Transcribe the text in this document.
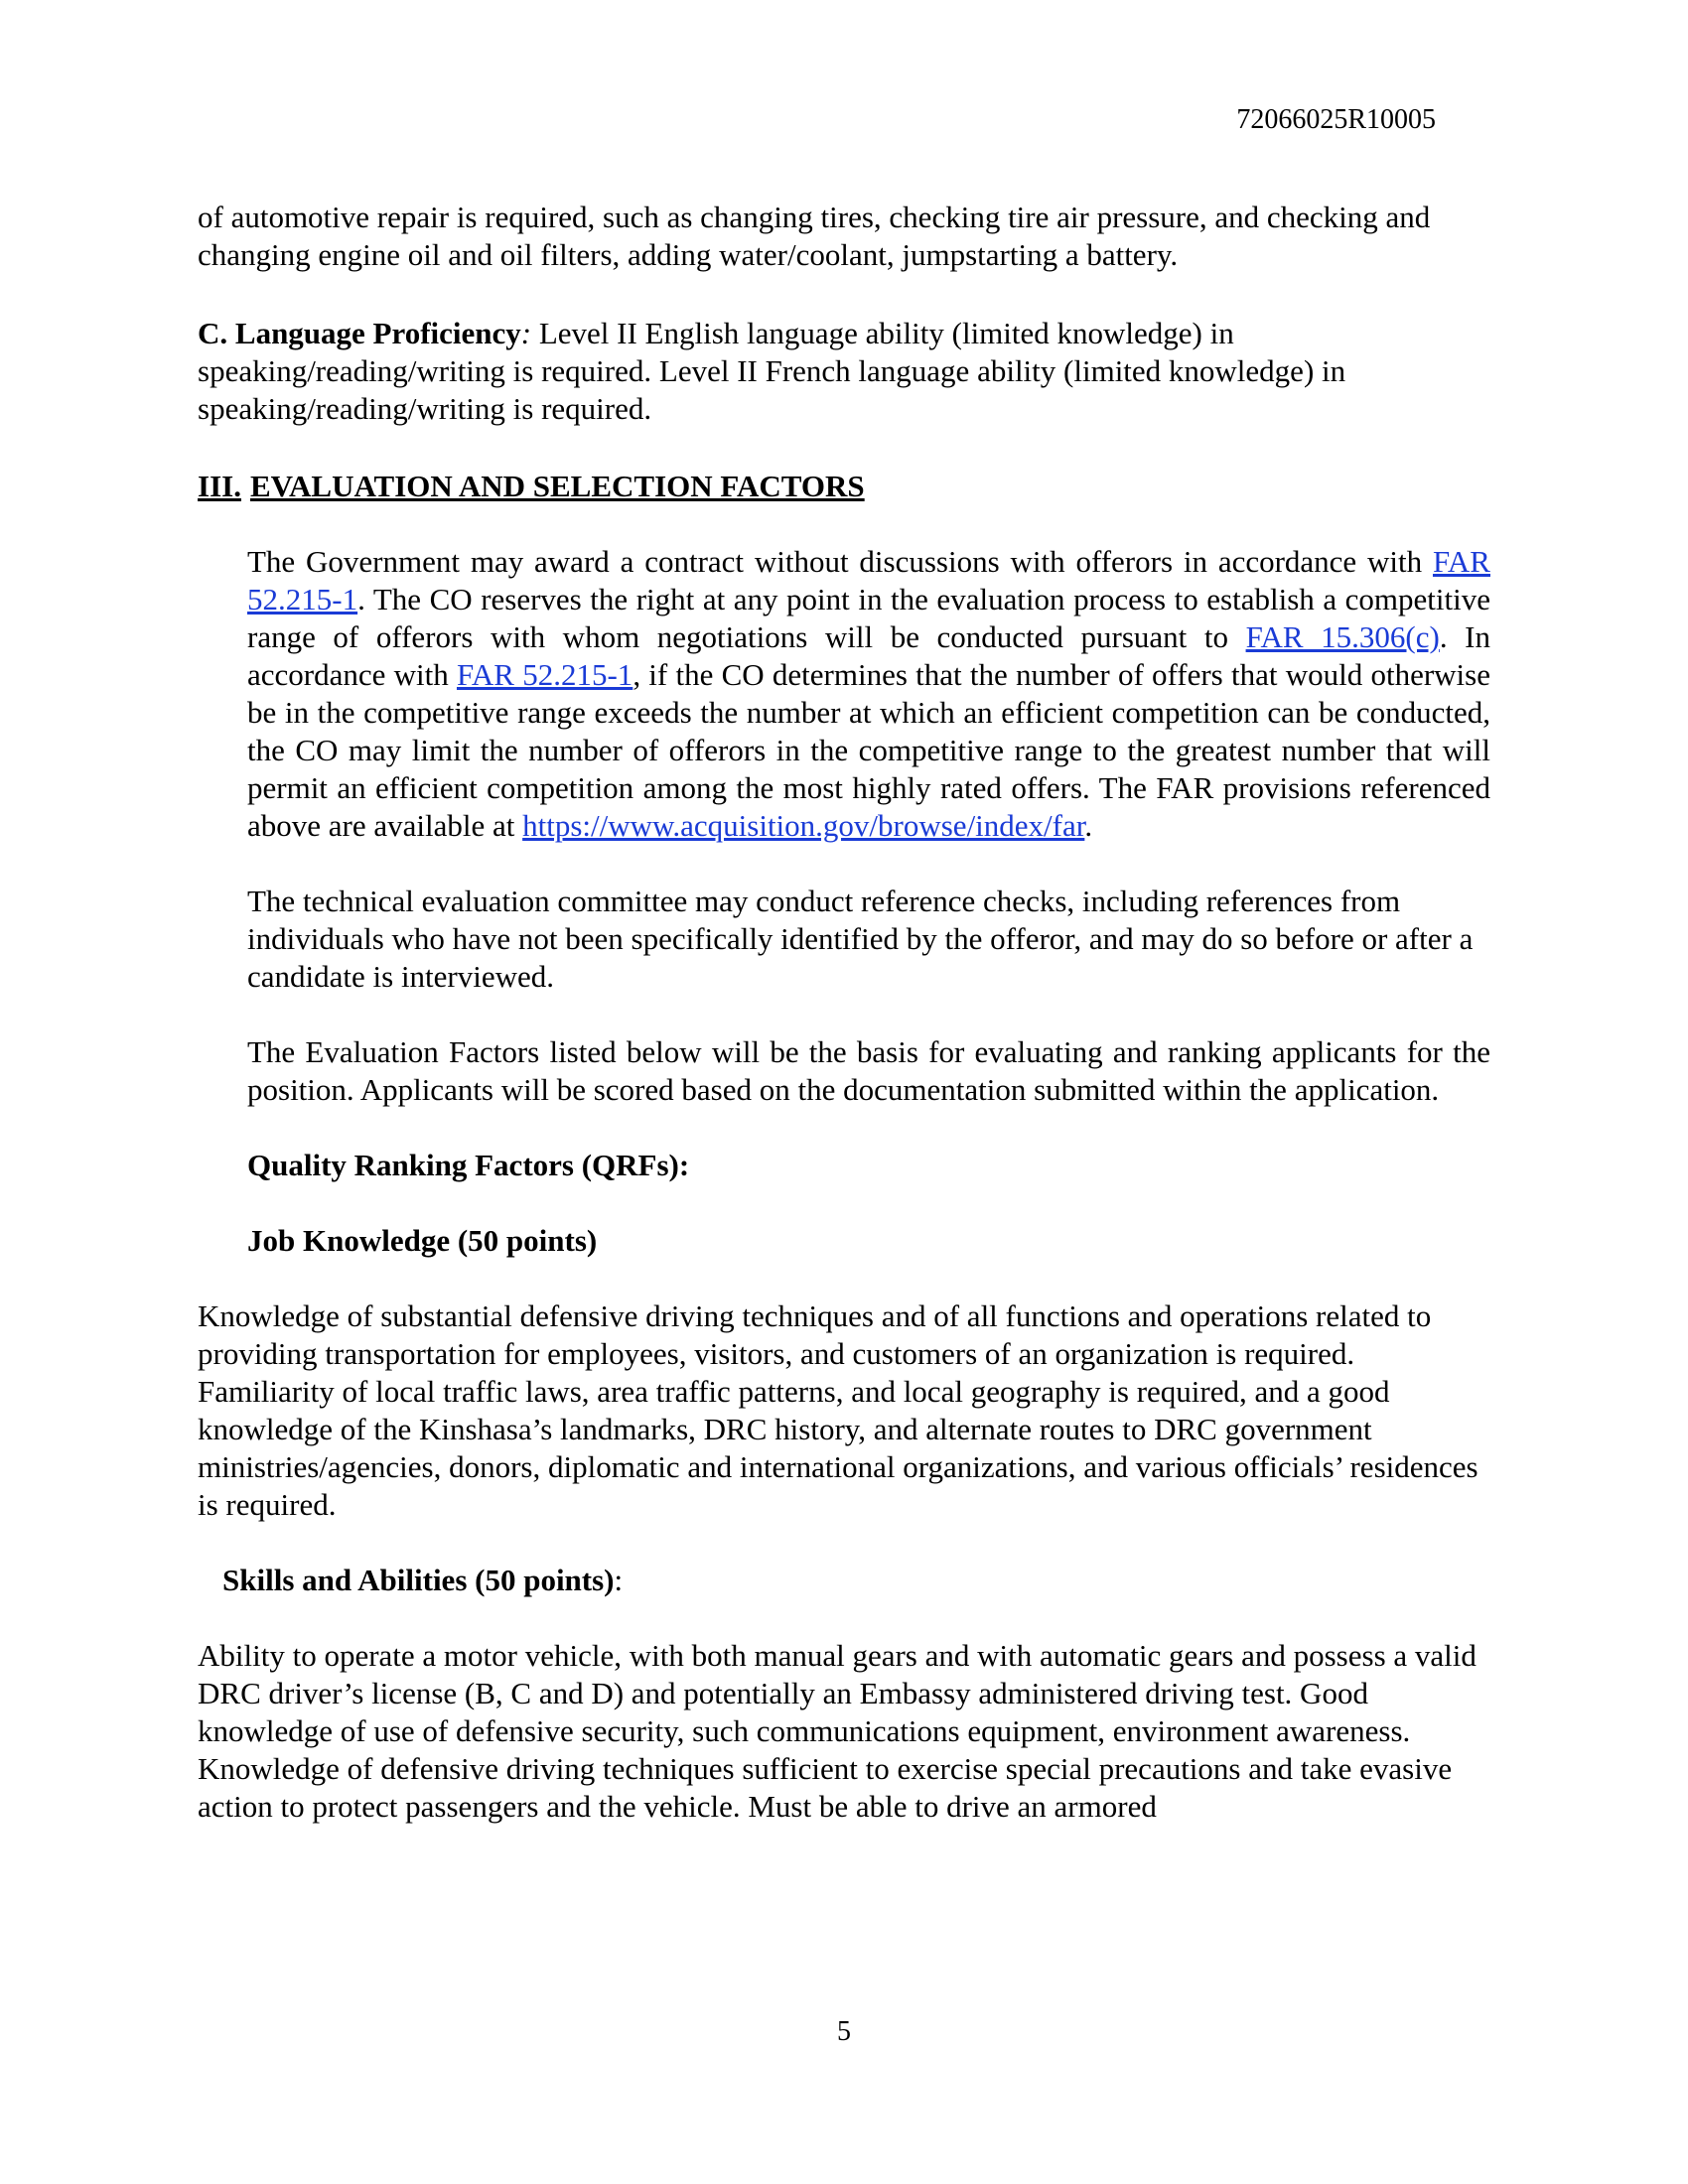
72066025R10005

of automotive repair is required, such as changing tires, checking tire air pressure, and checking and changing engine oil and oil filters, adding water/coolant, jumpstarting a battery.

C. Language Proficiency: Level II English language ability (limited knowledge) in speaking/reading/writing is required. Level II French language ability (limited knowledge) in speaking/reading/writing is required.

III. EVALUATION AND SELECTION FACTORS

The Government may award a contract without discussions with offerors in accordance with FAR 52.215-1. The CO reserves the right at any point in the evaluation process to establish a competitive range of offerors with whom negotiations will be conducted pursuant to FAR 15.306(c). In accordance with FAR 52.215-1, if the CO determines that the number of offers that would otherwise be in the competitive range exceeds the number at which an efficient competition can be conducted, the CO may limit the number of offerors in the competitive range to the greatest number that will permit an efficient competition among the most highly rated offers. The FAR provisions referenced above are available at https://www.acquisition.gov/browse/index/far.

The technical evaluation committee may conduct reference checks, including references from individuals who have not been specifically identified by the offeror, and may do so before or after a candidate is interviewed.

The Evaluation Factors listed below will be the basis for evaluating and ranking applicants for the position. Applicants will be scored based on the documentation submitted within the application.

Quality Ranking Factors (QRFs):

Job Knowledge (50 points)

Knowledge of substantial defensive driving techniques and of all functions and operations related to providing transportation for employees, visitors, and customers of an organization is required. Familiarity of local traffic laws, area traffic patterns, and local geography is required, and a good knowledge of the Kinshasa’s landmarks, DRC history, and alternate routes to DRC government ministries/agencies, donors, diplomatic and international organizations, and various officials’ residences is required.

Skills and Abilities (50 points):

Ability to operate a motor vehicle, with both manual gears and with automatic gears and possess a valid DRC driver’s license (B, C and D) and potentially an Embassy administered driving test. Good knowledge of use of defensive security, such communications equipment, environment awareness. Knowledge of defensive driving techniques sufficient to exercise special precautions and take evasive action to protect passengers and the vehicle. Must be able to drive an armored

5
